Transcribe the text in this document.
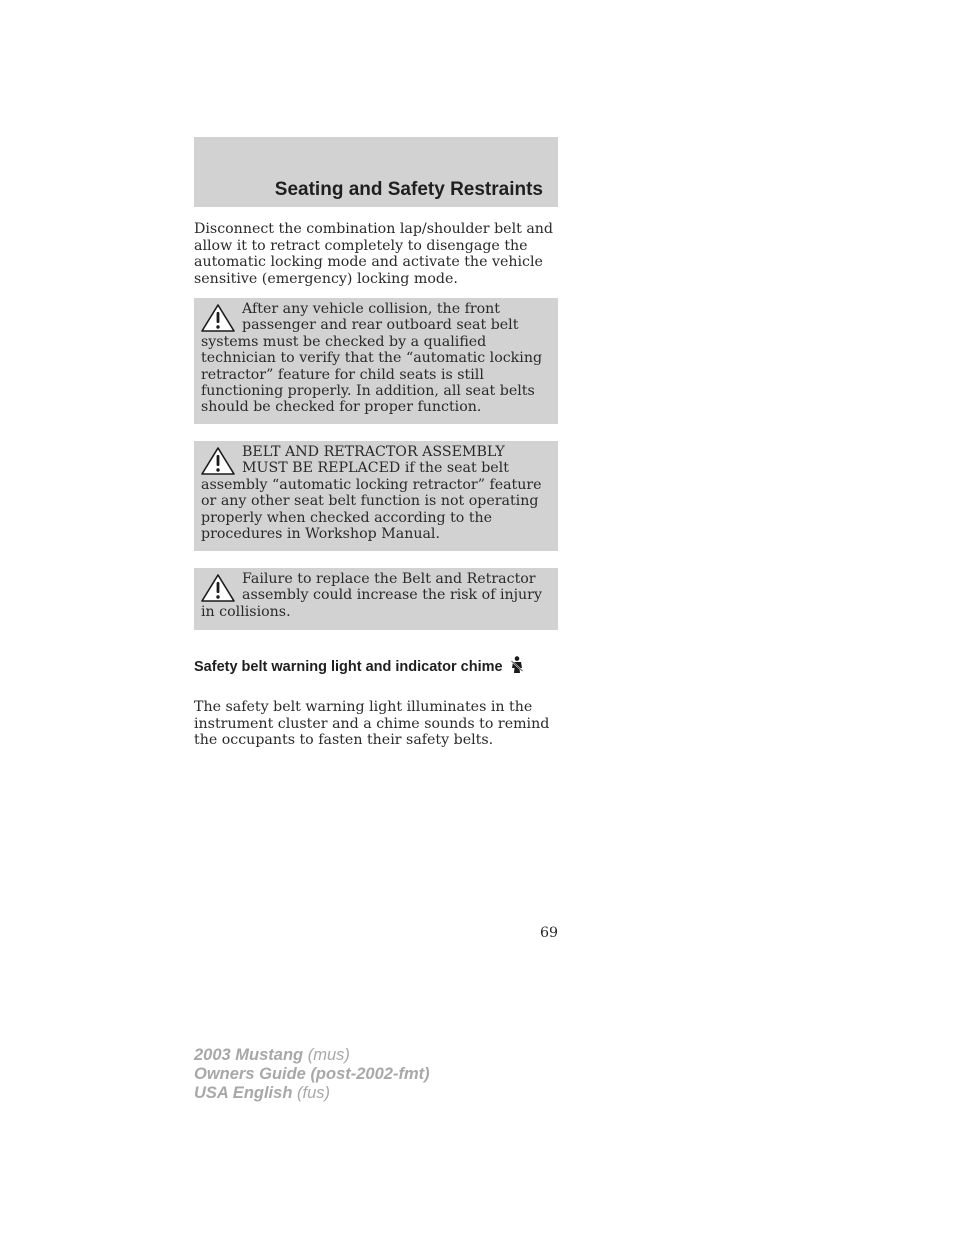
Seating and Safety Restraints

Disconnect the combination lap/shoulder belt and allow it to retract completely to disengage the automatic locking mode and activate the vehicle sensitive (emergency) locking mode.

After any vehicle collision, the front passenger and rear outboard seat belt systems must be checked by a qualified technician to verify that the “automatic locking retractor” feature for child seats is still functioning properly. In addition, all seat belts should be checked for proper function.

BELT AND RETRACTOR ASSEMBLY MUST BE REPLACED if the seat belt assembly “automatic locking retractor” feature or any other seat belt function is not operating properly when checked according to the procedures in Workshop Manual.

Failure to replace the Belt and Retractor assembly could increase the risk of injury in collisions.

Safety belt warning light and indicator chime

The safety belt warning light illuminates in the instrument cluster and a chime sounds to remind the occupants to fasten their safety belts.

69
2003 Mustang (mus)
Owners Guide (post-2002-fmt)
USA English (fus)
